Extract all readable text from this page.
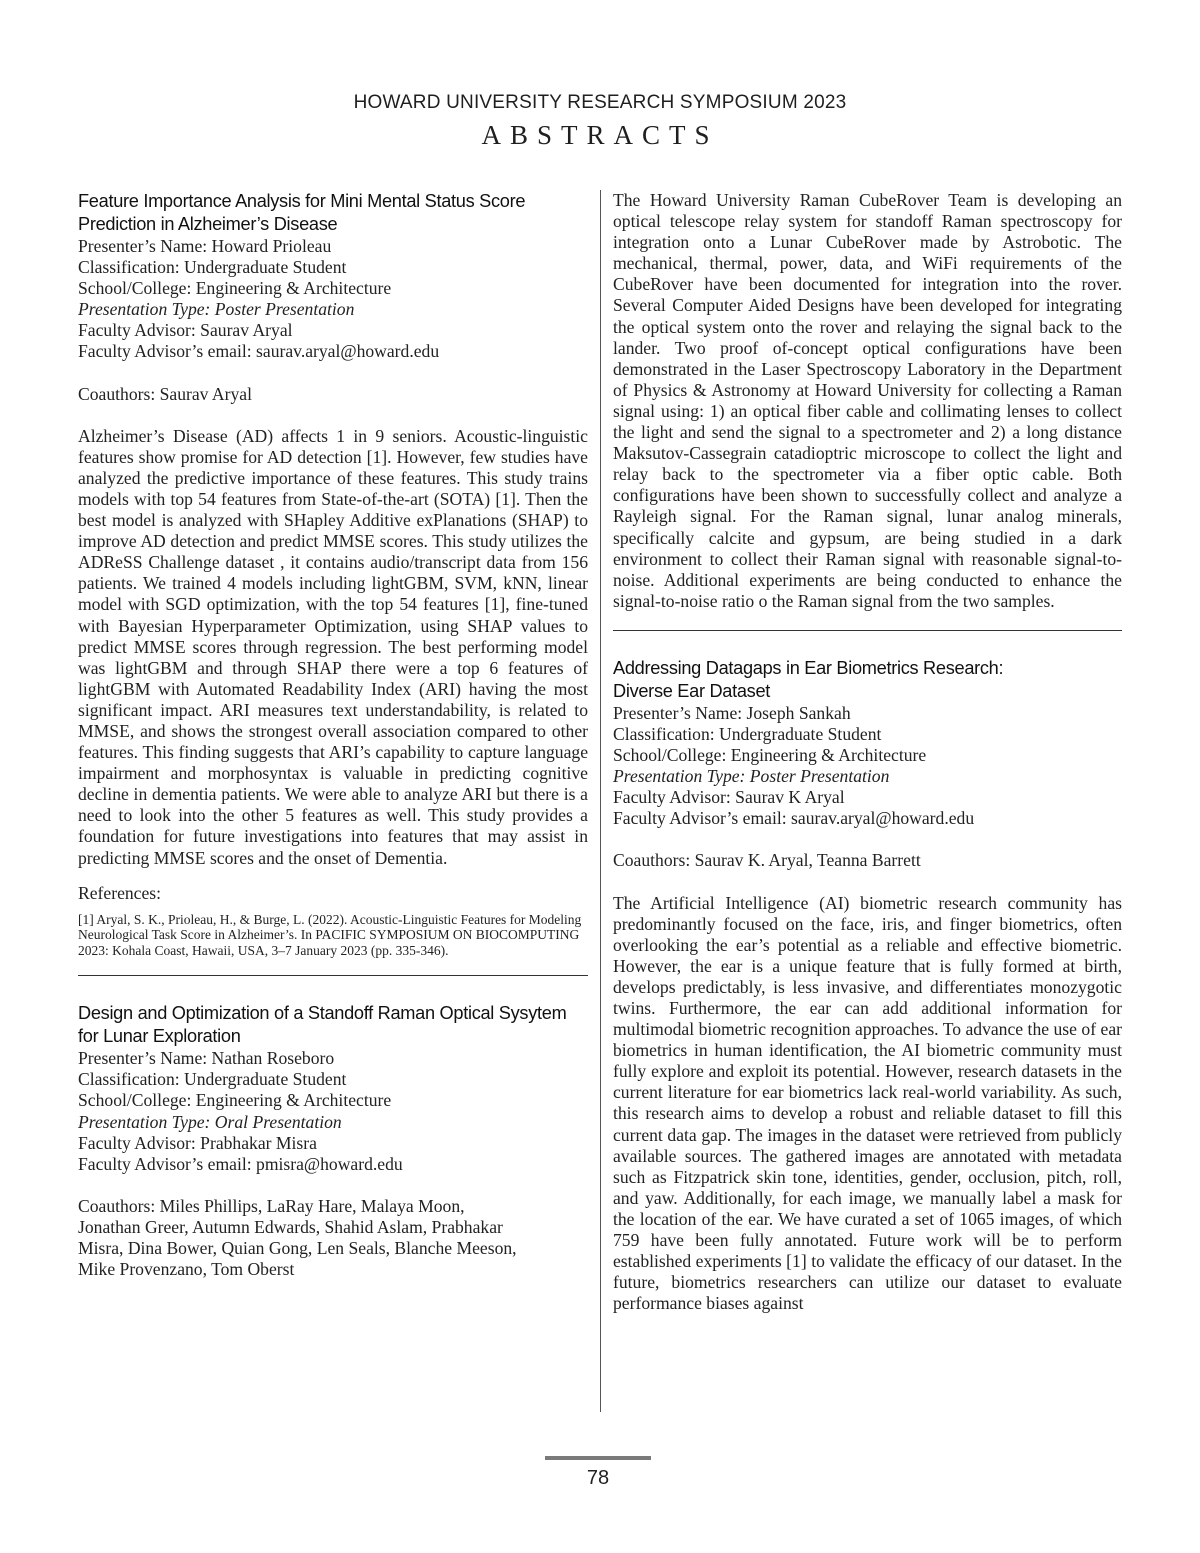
HOWARD UNIVERSITY RESEARCH SYMPOSIUM 2023
ABSTRACTS
Feature Importance Analysis for Mini Mental Status Score Prediction in Alzheimer’s Disease
Presenter’s Name: Howard Prioleau
Classification: Undergraduate Student
School/College: Engineering & Architecture
Presentation Type: Poster Presentation
Faculty Advisor: Saurav Aryal
Faculty Advisor’s email: saurav.aryal@howard.edu
Coauthors: Saurav Aryal
Alzheimer’s Disease (AD) affects 1 in 9 seniors. Acoustic-linguistic features show promise for AD detection [1]. However, few studies have analyzed the predictive importance of these features. This study trains models with top 54 features from State-of-the-art (SOTA) [1]. Then the best model is analyzed with SHapley Additive exPlanations (SHAP) to improve AD detection and predict MMSE scores. This study utilizes the ADReSS Challenge dataset , it contains audio/transcript data from 156 patients. We trained 4 models including lightGBM, SVM, kNN, linear model with SGD optimization, with the top 54 features [1], fine-tuned with Bayesian Hyperparameter Optimization, using SHAP values to predict MMSE scores through regression. The best performing model was lightGBM and through SHAP there were a top 6 features of lightGBM with Automated Readability Index (ARI) having the most significant impact. ARI measures text understandability, is related to MMSE, and shows the strongest overall association compared to other features. This finding suggests that ARI’s capability to capture language impairment and morphosyntax is valuable in predicting cognitive decline in dementia patients. We were able to analyze ARI but there is a need to look into the other 5 features as well. This study provides a foundation for future investigations into features that may assist in predicting MMSE scores and the onset of Dementia.
References:
[1] Aryal, S. K., Prioleau, H., & Burge, L. (2022). Acoustic-Linguistic Features for Modeling Neurological Task Score in Alzheimer’s. In PACIFIC SYMPOSIUM ON BIOCOMPUTING 2023: Kohala Coast, Hawaii, USA, 3–7 January 2023 (pp. 335-346).
Design and Optimization of a Standoff Raman Optical Sysytem for Lunar Exploration
Presenter’s Name: Nathan Roseboro
Classification: Undergraduate Student
School/College: Engineering & Architecture
Presentation Type: Oral Presentation
Faculty Advisor: Prabhakar Misra
Faculty Advisor’s email: pmisra@howard.edu
Coauthors: Miles Phillips, LaRay Hare, Malaya Moon, Jonathan Greer, Autumn Edwards, Shahid Aslam, Prabhakar Misra, Dina Bower, Quian Gong, Len Seals, Blanche Meeson, Mike Provenzano, Tom Oberst
The Howard University Raman CubeRover Team is developing an optical telescope relay system for standoff Raman spectroscopy for integration onto a Lunar CubeRover made by Astrobotic. The mechanical, thermal, power, data, and WiFi requirements of the CubeRover have been documented for integration into the rover. Several Computer Aided Designs have been developed for integrating the optical system onto the rover and relaying the signal back to the lander. Two proof of-concept optical configurations have been demonstrated in the Laser Spectroscopy Laboratory in the Department of Physics & Astronomy at Howard University for collecting a Raman signal using: 1) an optical fiber cable and collimating lenses to collect the light and send the signal to a spectrometer and 2) a long distance Maksutov-Cassegrain catadioptric microscope to collect the light and relay back to the spectrometer via a fiber optic cable. Both configurations have been shown to successfully collect and analyze a Rayleigh signal. For the Raman signal, lunar analog minerals, specifically calcite and gypsum, are being studied in a dark environment to collect their Raman signal with reasonable signal-to-noise. Additional experiments are being conducted to enhance the signal-to-noise ratio o the Raman signal from the two samples.
Addressing Datagaps in Ear Biometrics Research: Diverse Ear Dataset
Presenter’s Name: Joseph Sankah
Classification: Undergraduate Student
School/College: Engineering & Architecture
Presentation Type: Poster Presentation
Faculty Advisor: Saurav K Aryal
Faculty Advisor’s email: saurav.aryal@howard.edu
Coauthors: Saurav K. Aryal, Teanna Barrett
The Artificial Intelligence (AI) biometric research community has predominantly focused on the face, iris, and finger biometrics, often overlooking the ear’s potential as a reliable and effective biometric. However, the ear is a unique feature that is fully formed at birth, develops predictably, is less invasive, and differentiates monozygotic twins. Furthermore, the ear can add additional information for multimodal biometric recognition approaches. To advance the use of ear biometrics in human identification, the AI biometric community must fully explore and exploit its potential. However, research datasets in the current literature for ear biometrics lack real-world variability. As such, this research aims to develop a robust and reliable dataset to fill this current data gap. The images in the dataset were retrieved from publicly available sources. The gathered images are annotated with metadata such as Fitzpatrick skin tone, identities, gender, occlusion, pitch, roll, and yaw. Additionally, for each image, we manually label a mask for the location of the ear. We have curated a set of 1065 images, of which 759 have been fully annotated. Future work will be to perform established experiments [1] to validate the efficacy of our dataset. In the future, biometrics researchers can utilize our dataset to evaluate performance biases against
78
